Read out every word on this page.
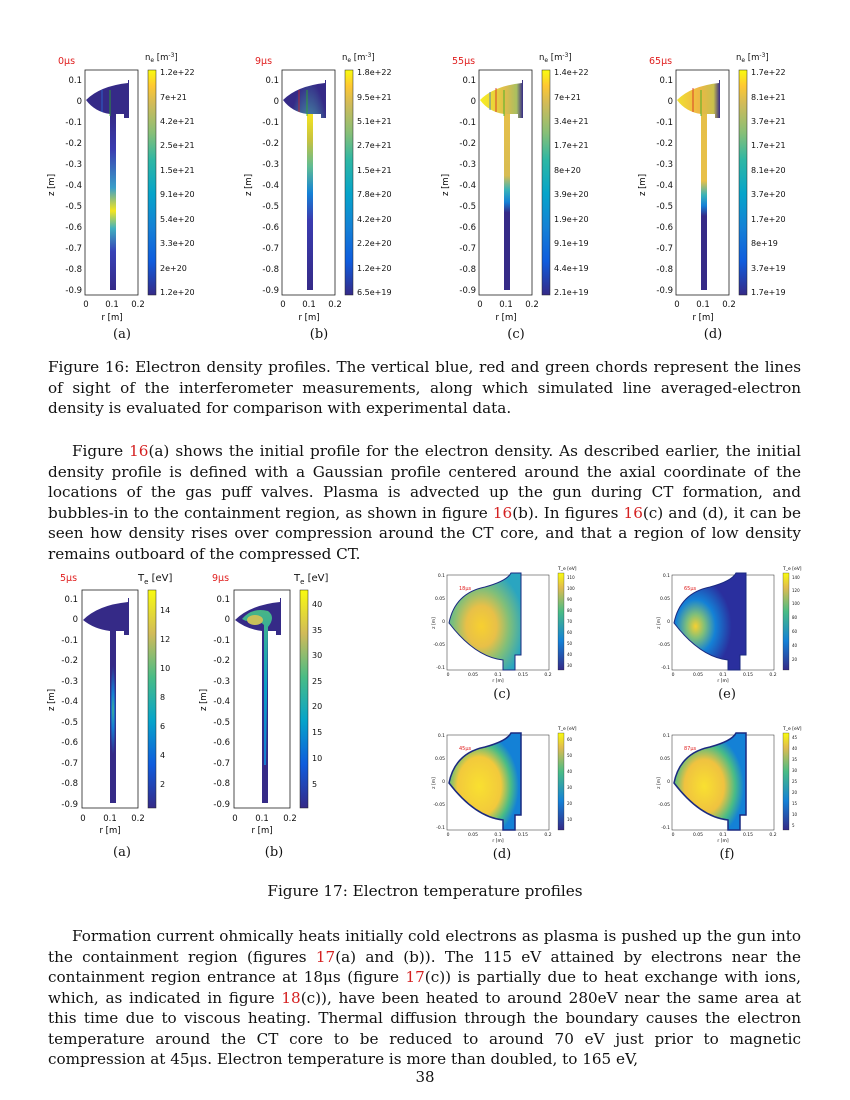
0μs	$n_e$ $[m^{-3}]$
0.1
0
-0.1
-0.2
-0.3
-0.4
-0.5
-0.6
-0.7
-0.8
-0.9
0 0.1 0.2
r [m]
z [m]
1.2e+22
7e+21
4.2e+21
2.5e+21
1.5e+21
9.1e+20
5.4e+20
3.3e+20
2e+20
1.2e+20
(a)
9μs	$n_e$ $[m^{-3}]$
0.1
0
-0.1
-0.2
-0.3
-0.4
-0.5
-0.6
-0.7
-0.8
-0.9
0 0.1 0.2
r [m]
z [m]
1.8e+22
9.5e+21
5.1e+21
2.7e+21
1.5e+21
7.8e+20
4.2e+20
2.2e+20
1.2e+20
6.5e+19
(b)
55μs	$n_e$ $[m^{-3}]$
0.1
0
-0.1
-0.2
-0.3
-0.4
-0.5
-0.6
-0.7
-0.8
-0.9
0 0.1 0.2
r [m]
z [m]
1.4e+22
7e+21
3.4e+21
1.7e+21
8e+20
3.9e+20
1.9e+20
9.1e+19
4.4e+19
2.1e+19
(c)
65μs	$n_e$ $[m^{-3}]$
0.1
0
-0.1
-0.2
-0.3
-0.4
-0.5
-0.6
-0.7
-0.8
-0.9
0 0.1 0.2
r [m]
z [m]
1.7e+22
8.1e+21
3.7e+21
1.7e+21
8.1e+20
3.7e+20
1.7e+20
8e+19
3.7e+19
1.7e+19
(d)

Figure 16: Electron density profiles. The vertical blue, red and green chords represent the lines of sight of the interferometer measurements, along which simulated line averaged-electron density is evaluated for comparison with experimental data.

Figure 16(a) shows the initial profile for the electron density. As described earlier, the initial density profile is defined with a Gaussian profile centered around the axial coordinate of the locations of the gas puff valves. Plasma is advected up the gun during CT formation, and bubbles-in to the containment region, as shown in figure 16(b). In figures 16(c) and (d), it can be seen how density rises over compression around the CT core, and that a region of low density remains outboard of the compressed CT.

5μs	$T_e$ [eV]
0.1
0
-0.1
-0.2
-0.3
-0.4
-0.5
-0.6
-0.7
-0.8
-0.9
0 0.1 0.2
r [m]
z [m]
14
12
10
8
6
4
2
(a)
9μs	$T_e$ [eV]
0.1
0
-0.1
-0.2
-0.3
-0.4
-0.5
-0.6
-0.7
-0.8
-0.9
0 0.1 0.2
r [m]
z [m]
40
35
30
25
20
15
10
5
(b)
18μs
0.1
0.05
0
-0.05
-0.1
0	0.05	0.1	0.15	0.2
r [m]
z [m]
T_e [eV]
110
100
90
80
70
60
50
40
30
(c)
65μs
0.1
0.05
0
-0.05
-0.1
0	0.05	0.1	0.15	0.2
r [m]
z [m]
T_e [eV]
140
120
100
80
60
40
20
(e)
45μs
0.1
0.05
0
-0.05
-0.1
0	0.05	0.1	0.15	0.2
r [m]
z [m]
T_e [eV]
60
50
40
30
20
10
(d)
87μs
0.1
0.05
0
-0.05
-0.1
0	0.05	0.1	0.15	0.2
r [m]
z [m]
T_e [eV]
45
40
35
30
25
20
15
10
5
(f)
Figure 17: Electron temperature profiles

Formation current ohmically heats initially cold electrons as plasma is pushed up the gun into the containment region (figures 17(a) and (b)). The 115 eV attained by electrons near the containment region entrance at 18μs (figure 17(c)) is partially due to heat exchange with ions, which, as indicated in figure 18(c)), have been heated to around 280eV near the same area at this time due to viscous heating. Thermal diffusion through the boundary causes the electron temperature around the CT core to be reduced to around 70 eV just prior to magnetic compression at 45μs. Electron temperature is more than doubled, to 165 eV,

38
